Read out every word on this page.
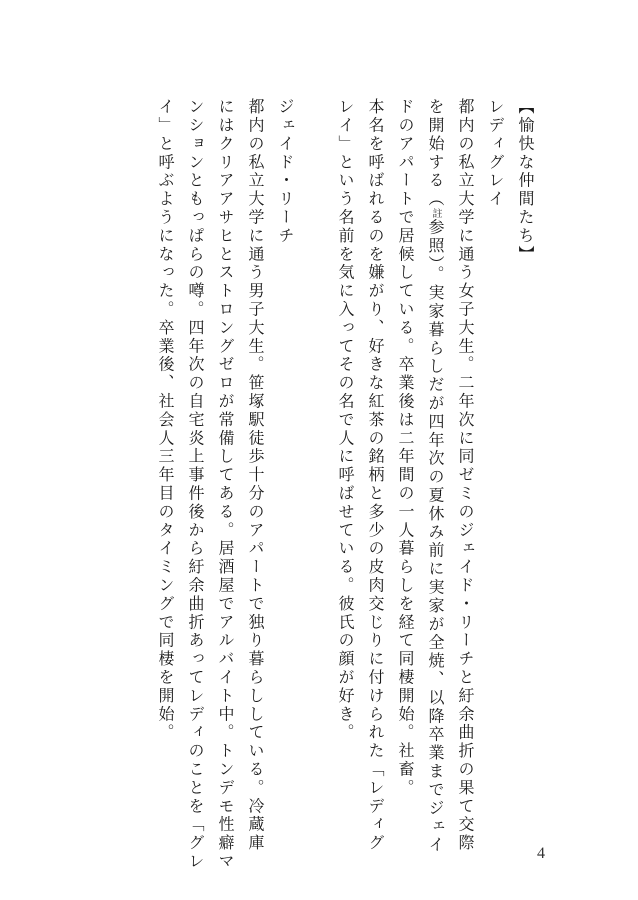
【愉快な仲間たち】
レディグレイ
都内の私立大学に通う女子大生。二年次に同ゼミのジェイド・リーチと紆余曲折の果て交際
を開始する（註参照）。実家暮らしだが四年次の夏休み前に実家が全焼、以降卒業までジェイ
ドのアパートで居候している。卒業後は二年間の一人暮らしを経て同棲開始。社畜。
本名を呼ばれるのを嫌がり、好きな紅茶の銘柄と多少の皮肉交じりに付けられた「レディグ
レイ」という名前を気に入ってその名で人に呼ばせている。彼氏の顔が好き。
ジェイド・リーチ
都内の私立大学に通う男子大生。笹塚駅徒歩十分のアパートで独り暮らししている。冷蔵庫
にはクリアアサヒとストロングゼロが常備してある。居酒屋でアルバイト中。トンデモ性癖マ
ンションともっぱらの噂。四年次の自宅炎上事件後から紆余曲折あってレディのことを「グレ
イ」と呼ぶようになった。卒業後、社会人三年目のタイミングで同棲を開始。
4
